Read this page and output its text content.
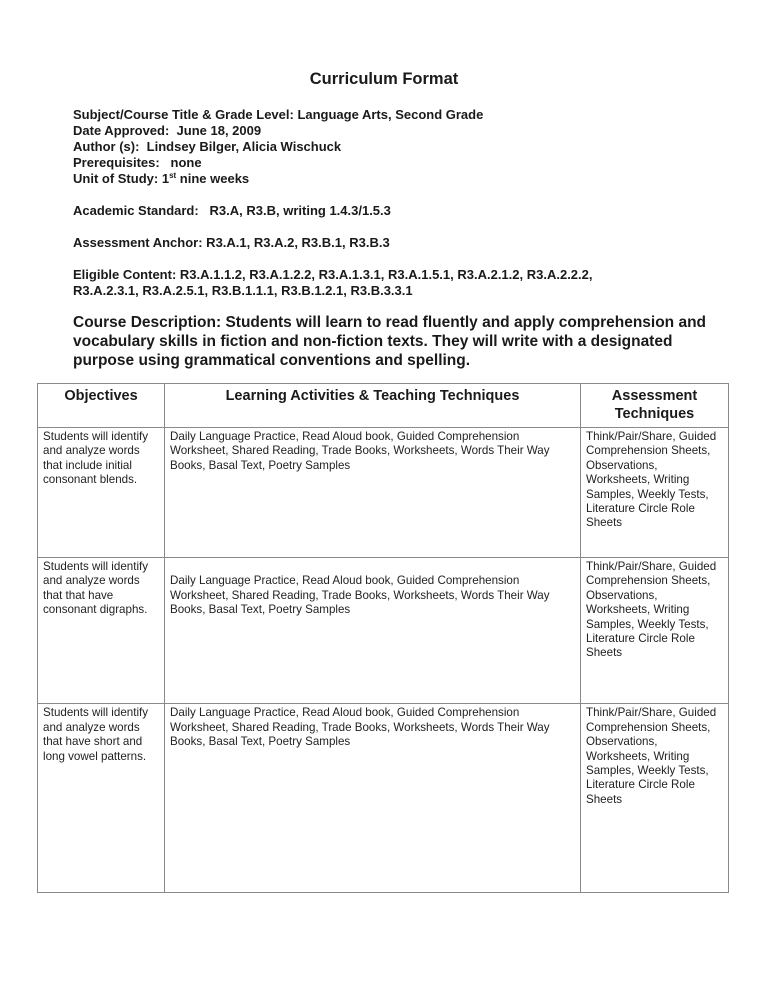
Curriculum Format
Subject/Course Title & Grade Level: Language Arts, Second Grade
Date Approved:  June 18, 2009
Author (s):  Lindsey Bilger, Alicia Wischuck
Prerequisites:   none
Unit of Study: 1st nine weeks
Academic Standard:   R3.A, R3.B, writing 1.4.3/1.5.3
Assessment Anchor: R3.A.1, R3.A.2, R3.B.1, R3.B.3
Eligible Content: R3.A.1.1.2, R3.A.1.2.2, R3.A.1.3.1, R3.A.1.5.1, R3.A.2.1.2, R3.A.2.2.2,
R3.A.2.3.1, R3.A.2.5.1, R3.B.1.1.1, R3.B.1.2.1, R3.B.3.3.1
Course Description: Students will learn to read fluently and apply comprehension and vocabulary skills in fiction and non-fiction texts. They will write with a designated purpose using grammatical conventions and spelling.
Objectives	Learning Activities & Teaching Techniques	Assessment Techniques
Students will identify and analyze words that include initial consonant blends.	Daily Language Practice, Read Aloud book, Guided Comprehension Worksheet, Shared Reading, Trade Books, Worksheets, Words Their Way Books, Basal Text, Poetry Samples	Think/Pair/Share, Guided Comprehension Sheets, Observations, Worksheets, Writing Samples, Weekly Tests, Literature Circle Role Sheets
Students will identify and analyze words that that have consonant digraphs.	Daily Language Practice, Read Aloud book, Guided Comprehension Worksheet, Shared Reading, Trade Books, Worksheets, Words Their Way Books, Basal Text, Poetry Samples	Think/Pair/Share, Guided Comprehension Sheets, Observations, Worksheets, Writing Samples, Weekly Tests, Literature Circle Role Sheets
Students will identify and analyze words that have short and long vowel patterns.	Daily Language Practice, Read Aloud book, Guided Comprehension Worksheet, Shared Reading, Trade Books, Worksheets, Words Their Way Books, Basal Text, Poetry Samples	Think/Pair/Share, Guided Comprehension Sheets, Observations, Worksheets, Writing Samples, Weekly Tests, Literature Circle Role Sheets
